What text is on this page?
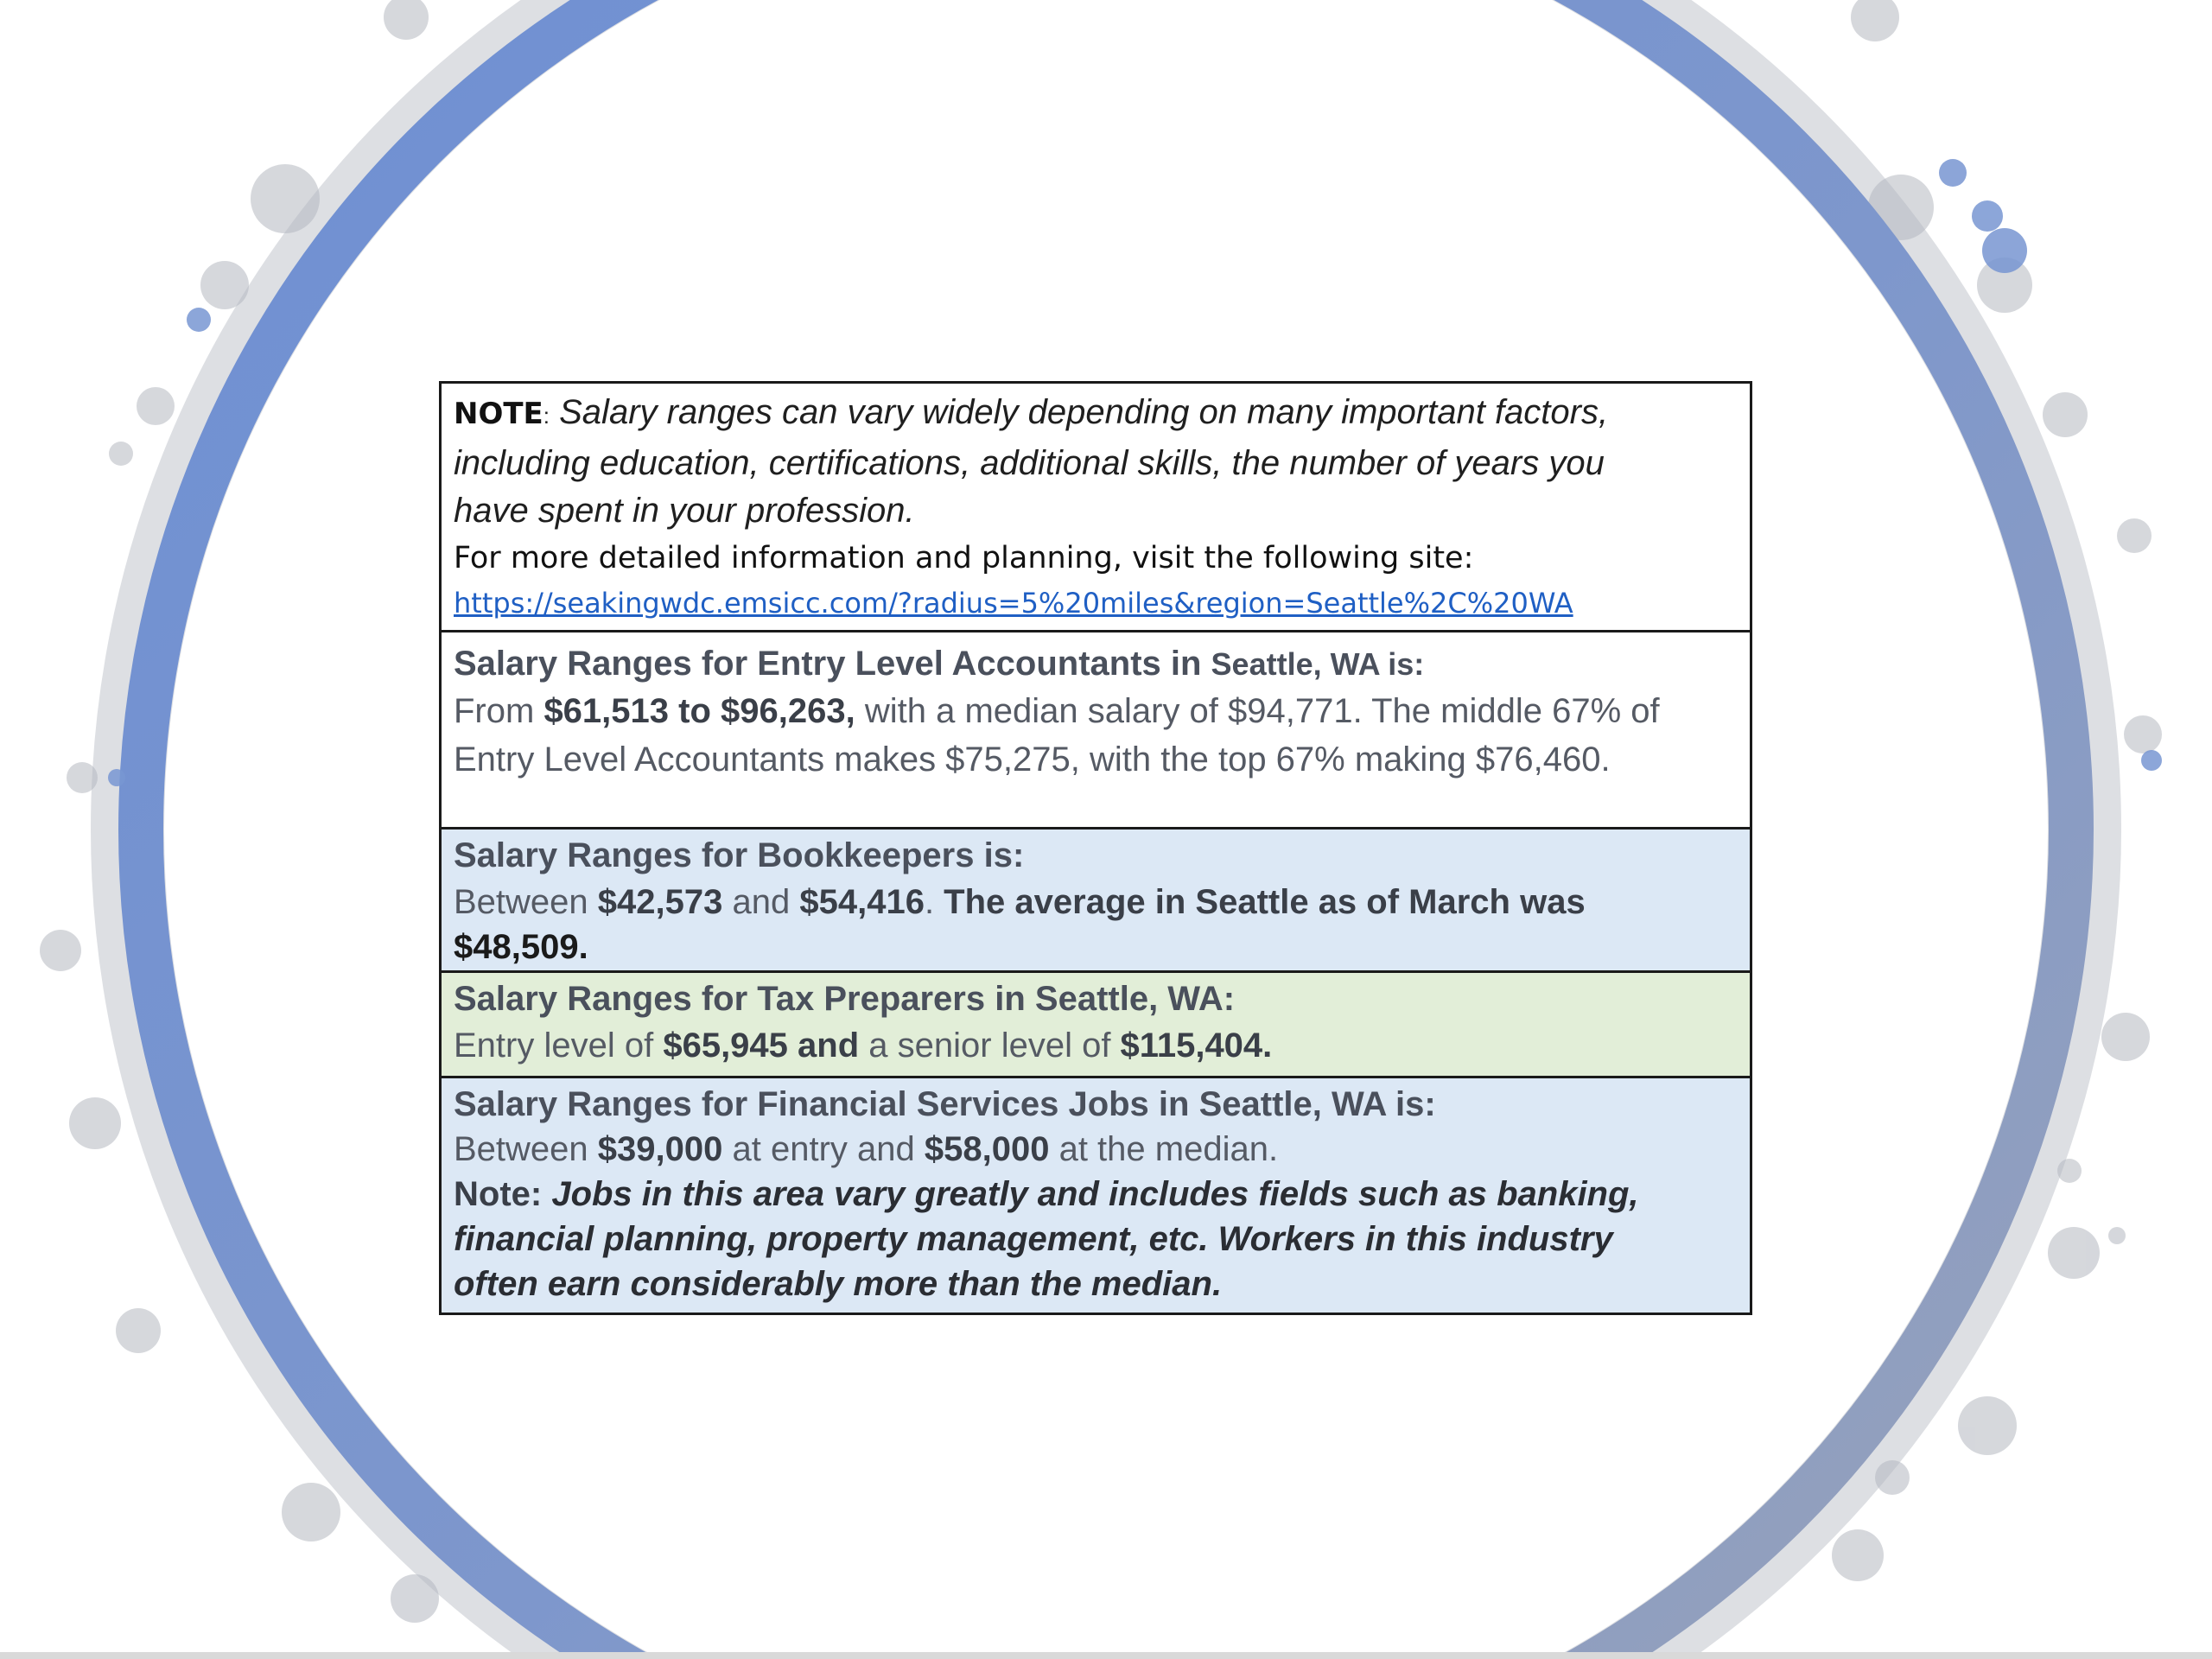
NOTE: Salary ranges can vary widely depending on many important factors,
including education, certifications, additional skills, the number of years you
have spent in your profession.
For more detailed information and planning, visit the following site:
https://seakingwdc.emsicc.com/?radius=5%20miles&region=Seattle%2C%20WA
Salary Ranges for Entry Level Accountants in Seattle, WA is:
From $61,513 to $96,263, with a median salary of $94,771. The middle 67% of
Entry Level Accountants makes $75,275, with the top 67% making $76,460.
Salary Ranges for Bookkeepers is:
Between $42,573 and $54,416. The average in Seattle as of March was
$48,509.
Salary Ranges for Tax Preparers in Seattle, WA:
Entry level of $65,945 and a senior level of $115,404.
Salary Ranges for Financial Services Jobs in Seattle, WA is:
Between $39,000 at entry and $58,000 at the median.
Note: Jobs in this area vary greatly and includes fields such as banking,
financial planning, property management, etc. Workers in this industry
often earn considerably more than the median.
